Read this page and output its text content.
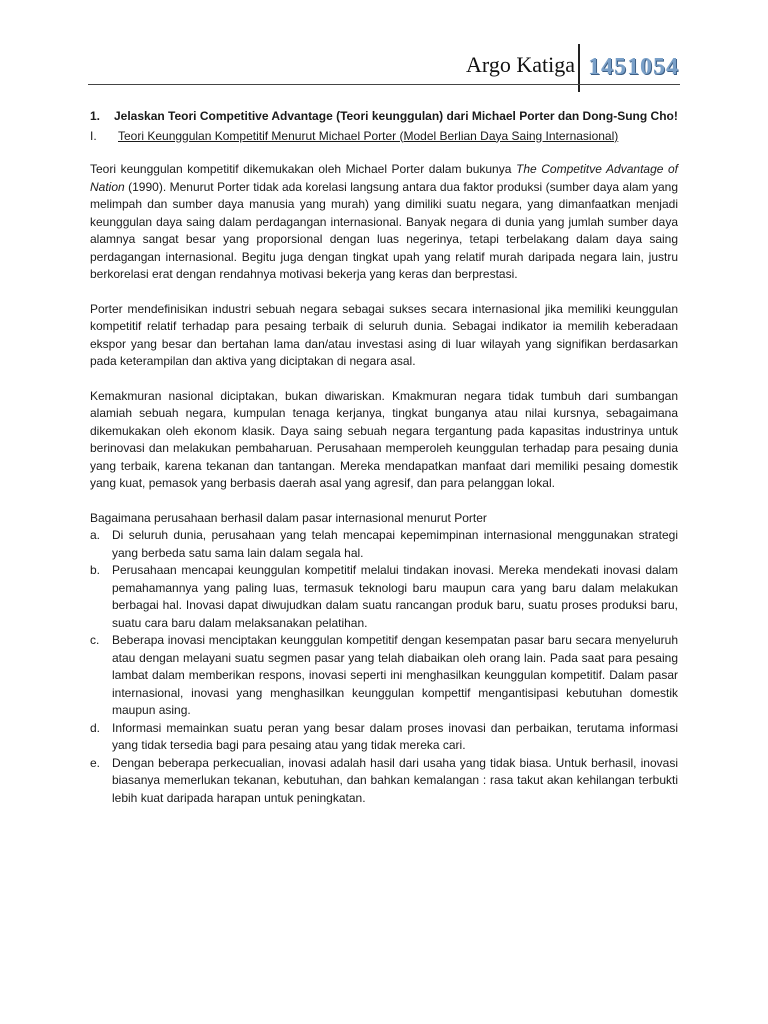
Argo Katiga 1451054
1.	Jelaskan Teori Competitive Advantage (Teori keunggulan) dari Michael Porter dan Dong-Sung Cho!
I.	Teori Keunggulan Kompetitif Menurut Michael Porter (Model Berlian Daya Saing Internasional)

Teori keunggulan kompetitif dikemukakan oleh Michael Porter dalam bukunya The Competitve Advantage of Nation (1990). Menurut Porter tidak ada korelasi langsung antara dua faktor produksi (sumber daya alam yang melimpah dan sumber daya manusia yang murah) yang dimiliki suatu negara, yang dimanfaatkan menjadi keunggulan daya saing dalam perdagangan internasional. Banyak negara di dunia yang jumlah sumber daya alamnya sangat besar yang proporsional dengan luas negerinya, tetapi terbelakang dalam daya saing perdagangan internasional. Begitu juga dengan tingkat upah yang relatif murah daripada negara lain, justru berkorelasi erat dengan rendahnya motivasi bekerja yang keras dan berprestasi.

Porter mendefinisikan industri sebuah negara sebagai sukses secara internasional jika memiliki keunggulan kompetitif relatif terhadap para pesaing terbaik di seluruh dunia. Sebagai indikator ia memilih keberadaan ekspor yang besar dan bertahan lama dan/atau investasi asing di luar wilayah yang signifikan berdasarkan pada keterampilan dan aktiva yang diciptakan di negara asal.

Kemakmuran nasional diciptakan, bukan diwariskan. Kmakmuran negara tidak tumbuh dari sumbangan alamiah sebuah negara, kumpulan tenaga kerjanya, tingkat bunganya atau nilai kursnya, sebagaimana dikemukakan oleh ekonom klasik. Daya saing sebuah negara tergantung pada kapasitas industrinya untuk berinovasi dan melakukan pembaharuan. Perusahaan memperoleh keunggulan terhadap para pesaing dunia yang terbaik, karena tekanan dan tantangan. Mereka mendapatkan manfaat dari memiliki pesaing domestik yang kuat, pemasok yang berbasis daerah asal yang agresif, dan para pelanggan lokal.

Bagaimana perusahaan berhasil dalam pasar internasional menurut Porter

a. Di seluruh dunia, perusahaan yang telah mencapai kepemimpinan internasional menggunakan strategi yang berbeda satu sama lain dalam segala hal.
b. Perusahaan mencapai keunggulan kompetitif melalui tindakan inovasi. Mereka mendekati inovasi dalam pemahamannya yang paling luas, termasuk teknologi baru maupun cara yang baru dalam melakukan berbagai hal. Inovasi dapat diwujudkan dalam suatu rancangan produk baru, suatu proses produksi baru, suatu cara baru dalam melaksanakan pelatihan.
c.	Beberapa inovasi menciptakan keunggulan kompetitif dengan kesempatan pasar baru secara menyeluruh atau dengan melayani suatu segmen pasar yang telah diabaikan oleh orang lain. Pada saat para pesaing lambat dalam memberikan respons, inovasi seperti ini menghasilkan keunggulan kompetitif. Dalam pasar internasional, inovasi yang menghasilkan keunggulan kompettif mengantisipasi kebutuhan domestik maupun asing.
d. Informasi memainkan suatu peran yang besar dalam proses inovasi dan perbaikan, terutama informasi yang tidak tersedia bagi para pesaing atau yang tidak mereka cari.
e. Dengan beberapa perkecualian, inovasi adalah hasil dari usaha yang tidak biasa. Untuk berhasil, inovasi biasanya memerlukan tekanan, kebutuhan, dan bahkan kemalangan : rasa takut akan kehilangan terbukti lebih kuat daripada harapan untuk peningkatan.
